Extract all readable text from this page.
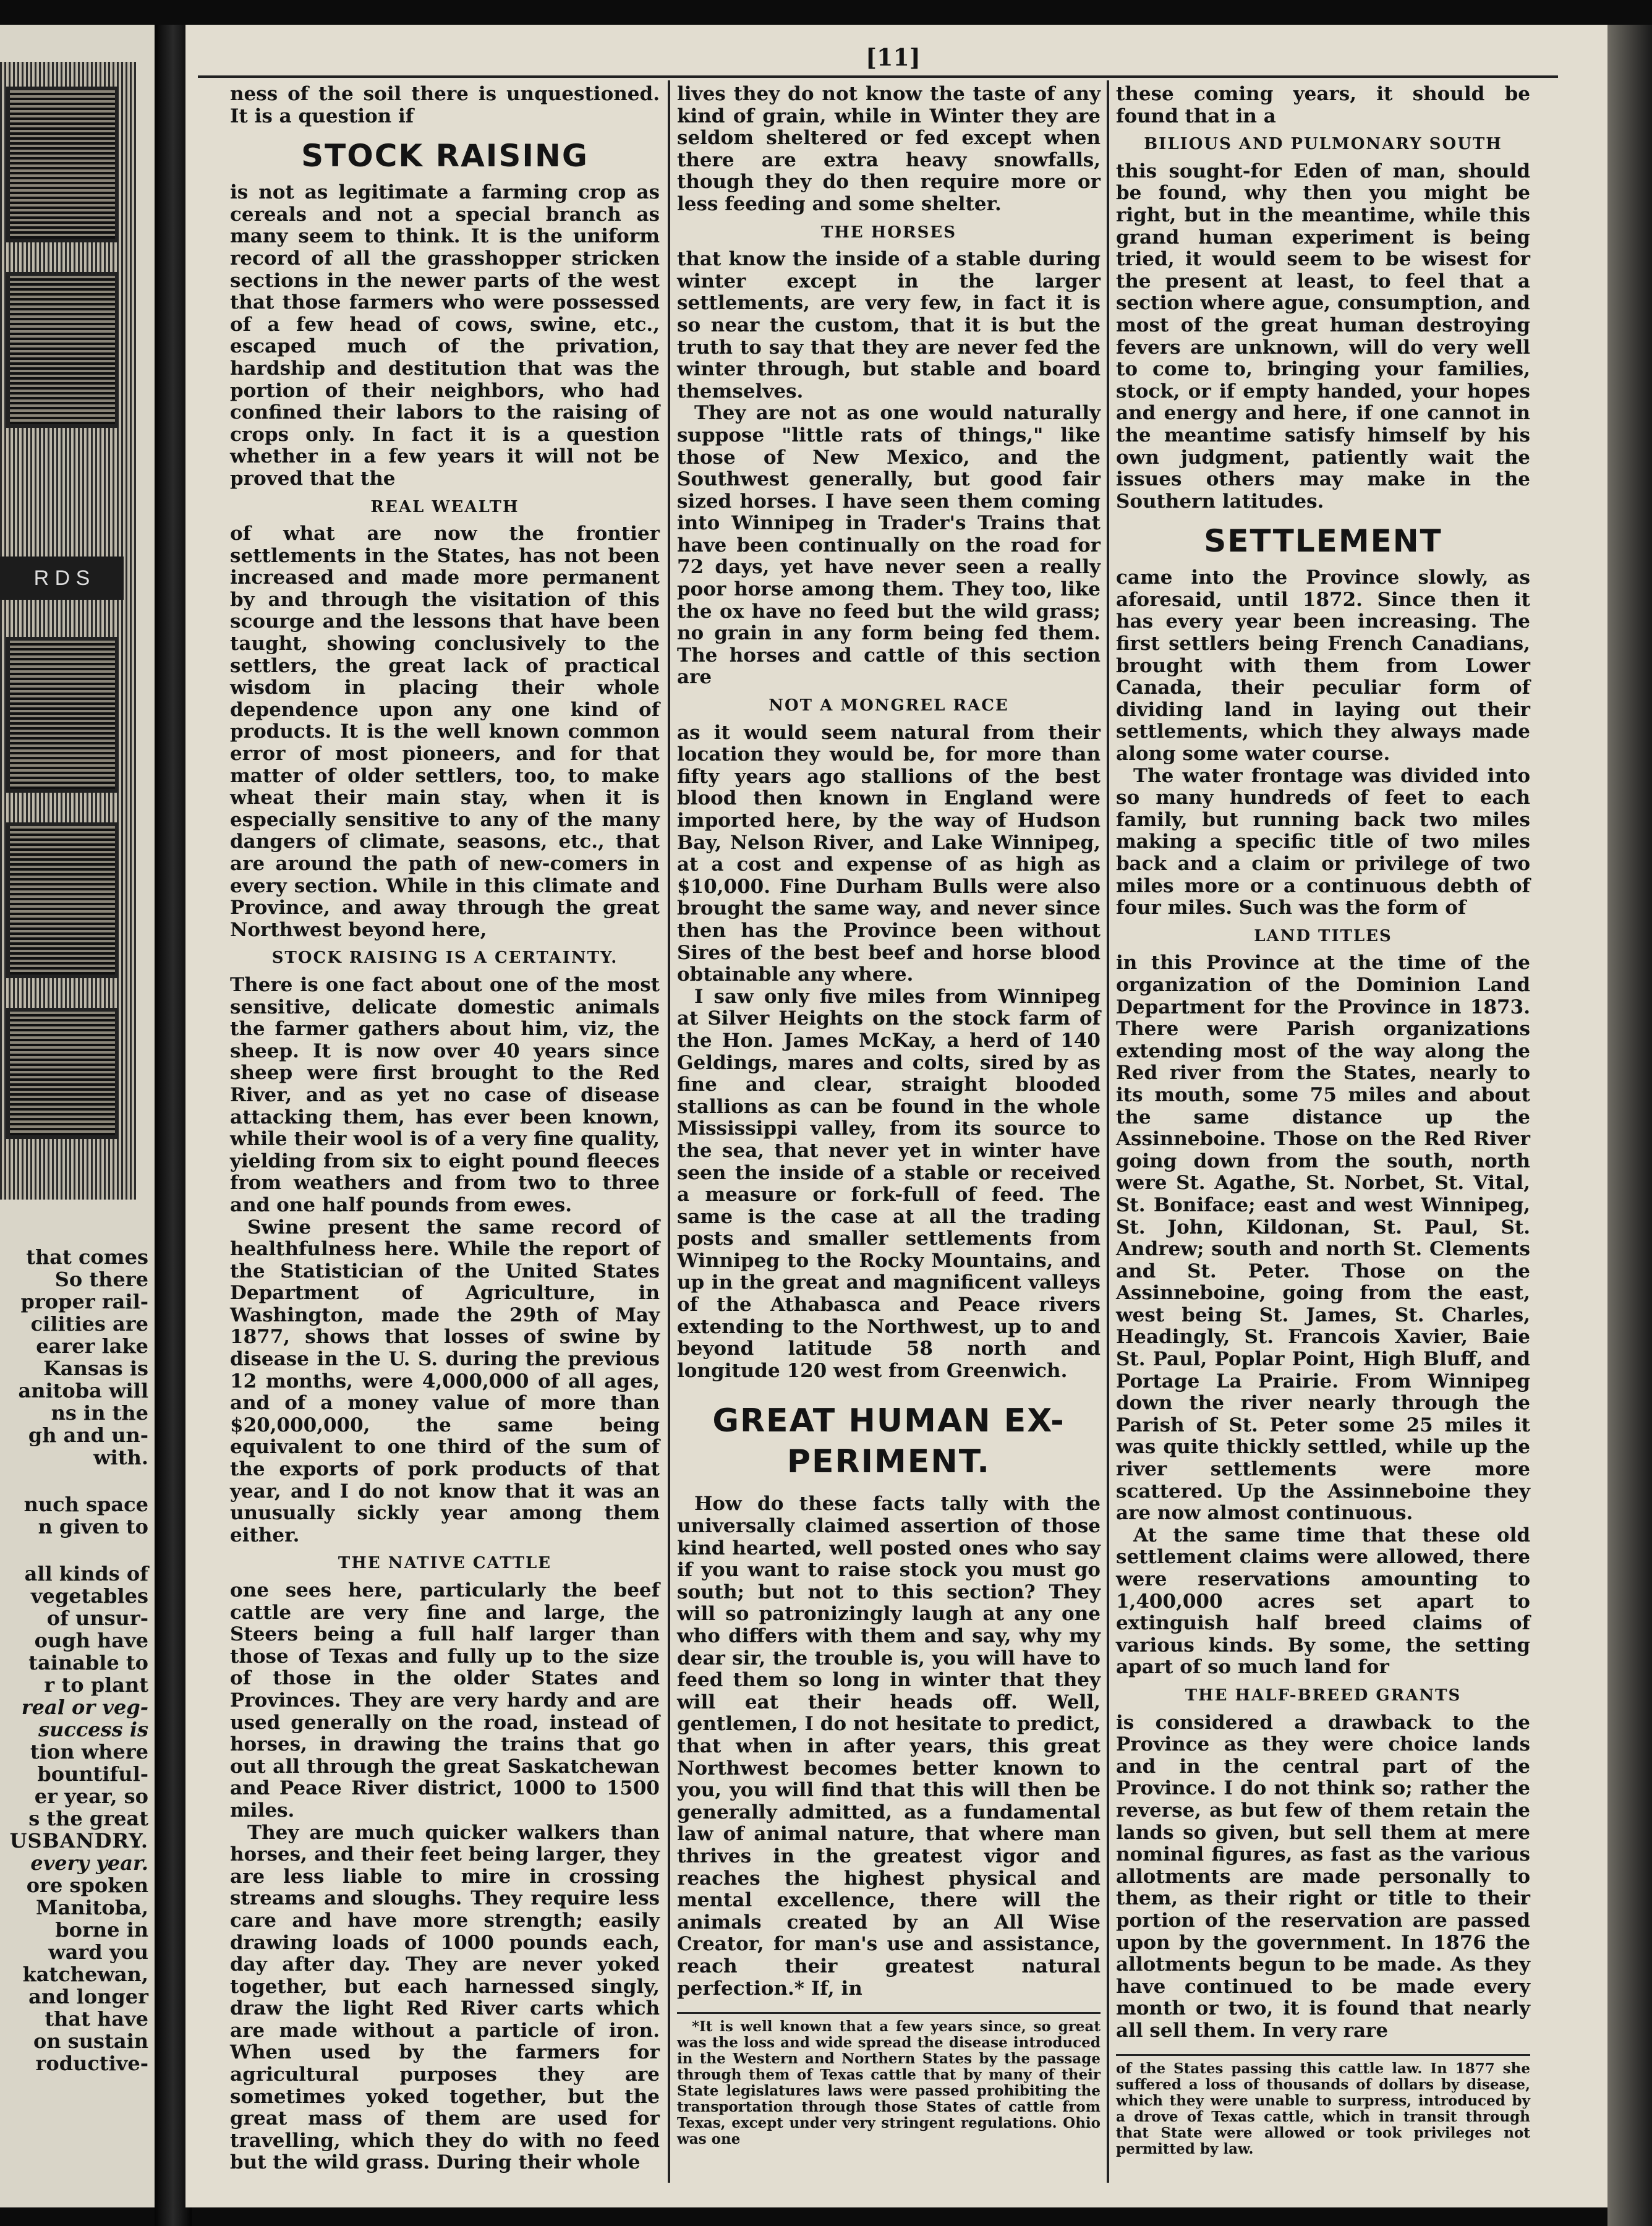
R D S
that comes
So there
proper rail-
cilities are
earer lake
Kansas is
anitoba will
ns in the
gh and un-
with.
nuch space
n given to
all kinds of
vegetables
of unsur-
ough have
tainable to
r to plant
real or veg-
success is
tion where
bountiful-
er year, so
s the great
USBANDRY.
every year.
ore spoken
Manitoba,
borne in
ward you
katchewan,
and longer
that have
on sustain
roductive-
[11]

ness of the soil there is unquestioned. It is a question if

STOCK RAISING

is not as legitimate a farming crop as cereals and not a special branch as many seem to think. It is the uniform record of all the grasshopper stricken sections in the newer parts of the west that those farmers who were possessed of a few head of cows, swine, etc., escaped much of the privation, hardship and destitution that was the portion of their neighbors, who had confined their labors to the raising of crops only. In fact it is a question whether in a few years it will not be proved that the

REAL WEALTH

of what are now the frontier settlements in the States, has not been increased and made more permanent by and through the visitation of this scourge and the lessons that have been taught, showing conclusively to the settlers, the great lack of practical wisdom in placing their whole dependence upon any one kind of products. It is the well known common error of most pioneers, and for that matter of older settlers, too, to make wheat their main stay, when it is especially sensitive to any of the many dangers of climate, seasons, etc., that are around the path of new-comers in every section. While in this climate and Province, and away through the great Northwest beyond here,

STOCK RAISING IS A CERTAINTY.

There is one fact about one of the most sensitive, delicate domestic animals the farmer gathers about him, viz, the sheep. It is now over 40 years since sheep were first brought to the Red River, and as yet no case of disease attacking them, has ever been known, while their wool is of a very fine quality, yielding from six to eight pound fleeces from weathers and from two to three and one half pounds from ewes.

Swine present the same record of healthfulness here. While the report of the Statistician of the United States Department of Agriculture, in Washington, made the 29th of May 1877, shows that losses of swine by disease in the U. S. during the previous 12 months, were 4,000,000 of all ages, and of a money value of more than $20,000,000, the same being equivalent to one third of the sum of the exports of pork products of that year, and I do not know that it was an unusually sickly year among them either.

THE NATIVE CATTLE

one sees here, particularly the beef cattle are very fine and large, the Steers being a full half larger than those of Texas and fully up to the size of those in the older States and Provinces. They are very hardy and are used generally on the road, instead of horses, in drawing the trains that go out all through the great Saskatchewan and Peace River district, 1000 to 1500 miles.

They are much quicker walkers than horses, and their feet being larger, they are less liable to mire in crossing streams and sloughs. They require less care and have more strength; easily drawing loads of 1000 pounds each, day after day. They are never yoked together, but each harnessed singly, draw the light Red River carts which are made without a particle of iron. When used by the farmers for agricultural purposes they are sometimes yoked together, but the great mass of them are used for travelling, which they do with no feed but the wild grass. During their whole

lives they do not know the taste of any kind of grain, while in Winter they are seldom sheltered or fed except when there are extra heavy snowfalls, though they do then require more or less feeding and some shelter.

THE HORSES

that know the inside of a stable during winter except in the larger settlements, are very few, in fact it is so near the custom, that it is but the truth to say that they are never fed the winter through, but stable and board themselves.

They are not as one would naturally suppose "little rats of things," like those of New Mexico, and the Southwest generally, but good fair sized horses. I have seen them coming into Winnipeg in Trader's Trains that have been continually on the road for 72 days, yet have never seen a really poor horse among them. They too, like the ox have no feed but the wild grass; no grain in any form being fed them. The horses and cattle of this section are

NOT A MONGREL RACE

as it would seem natural from their location they would be, for more than fifty years ago stallions of the best blood then known in England were imported here, by the way of Hudson Bay, Nelson River, and Lake Winnipeg, at a cost and expense of as high as $10,000. Fine Durham Bulls were also brought the same way, and never since then has the Province been without Sires of the best beef and horse blood obtainable any where.

I saw only five miles from Winnipeg at Silver Heights on the stock farm of the Hon. James McKay, a herd of 140 Geldings, mares and colts, sired by as fine and clear, straight blooded stallions as can be found in the whole Mississippi valley, from its source to the sea, that never yet in winter have seen the inside of a stable or received a measure or fork-full of feed. The same is the case at all the trading posts and smaller settlements from Winnipeg to the Rocky Mountains, and up in the great and magnificent valleys of the Athabasca and Peace rivers extending to the Northwest, up to and beyond latitude 58 north and longitude 120 west from Greenwich.

GREAT HUMAN EX-
PERIMENT.

How do these facts tally with the universally claimed assertion of those kind hearted, well posted ones who say if you want to raise stock you must go south; but not to this section? They will so patronizingly laugh at any one who differs with them and say, why my dear sir, the trouble is, you will have to feed them so long in winter that they will eat their heads off. Well, gentlemen, I do not hesitate to predict, that when in after years, this great Northwest becomes better known to you, you will find that this will then be generally admitted, as a fundamental law of animal nature, that where man thrives in the greatest vigor and reaches the highest physical and mental excellence, there will the animals created by an All Wise Creator, for man's use and assistance, reach their greatest natural perfection.* If, in

*It is well known that a few years since, so great was the loss and wide spread the disease introduced in the Western and Northern States by the passage through them of Texas cattle that by many of their State legislatures laws were passed prohibiting the transportation through those States of cattle from Texas, except under very stringent regulations. Ohio was one

these coming years, it should be found that in a

BILIOUS AND PULMONARY SOUTH

this sought-for Eden of man, should be found, why then you might be right, but in the meantime, while this grand human experiment is being tried, it would seem to be wisest for the present at least, to feel that a section where ague, consumption, and most of the great human destroying fevers are unknown, will do very well to come to, bringing your families, stock, or if empty handed, your hopes and energy and here, if one cannot in the meantime satisfy himself by his own judgment, patiently wait the issues others may make in the Southern latitudes.

SETTLEMENT

came into the Province slowly, as aforesaid, until 1872. Since then it has every year been increasing. The first settlers being French Canadians, brought with them from Lower Canada, their peculiar form of dividing land in laying out their settlements, which they always made along some water course.

The water frontage was divided into so many hundreds of feet to each family, but running back two miles making a specific title of two miles back and a claim or privilege of two miles more or a continuous debth of four miles. Such was the form of

LAND TITLES

in this Province at the time of the organization of the Dominion Land Department for the Province in 1873. There were Parish organizations extending most of the way along the Red river from the States, nearly to its mouth, some 75 miles and about the same distance up the Assinneboine. Those on the Red River going down from the south, north were St. Agathe, St. Norbet, St. Vital, St. Boniface; east and west Winnipeg, St. John, Kildonan, St. Paul, St. Andrew; south and north St. Clements and St. Peter. Those on the Assinneboine, going from the east, west being St. James, St. Charles, Headingly, St. Francois Xavier, Baie St. Paul, Poplar Point, High Bluff, and Portage La Prairie. From Winnipeg down the river nearly through the Parish of St. Peter some 25 miles it was quite thickly settled, while up the river settlements were more scattered. Up the Assinneboine they are now almost continuous.

At the same time that these old settlement claims were allowed, there were reservations amounting to 1,400,000 acres set apart to extinguish half breed claims of various kinds. By some, the setting apart of so much land for

THE HALF-BREED GRANTS

is considered a drawback to the Province as they were choice lands and in the central part of the Province. I do not think so; rather the reverse, as but few of them retain the lands so given, but sell them at mere nominal figures, as fast as the various allotments are made personally to them, as their right or title to their portion of the reservation are passed upon by the government. In 1876 the allotments begun to be made. As they have continued to be made every month or two, it is found that nearly all sell them. In very rare

of the States passing this cattle law. In 1877 she suffered a loss of thousands of dollars by disease, which they were unable to surpress, introduced by a drove of Texas cattle, which in transit through that State were allowed or took privileges not permitted by law.
